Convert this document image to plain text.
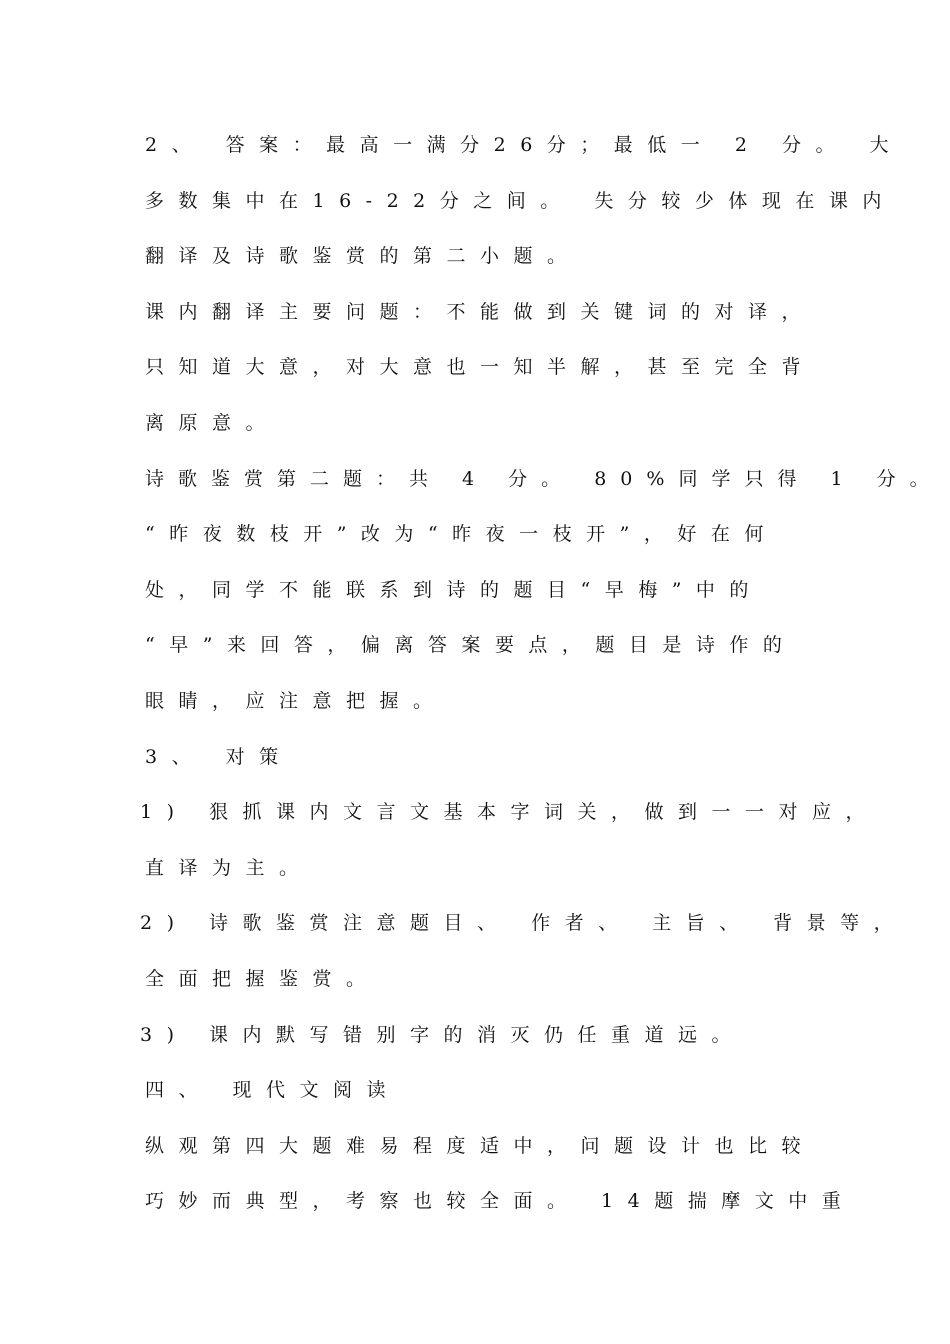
2、 答案：最高一满分26分；最低一 2 分。 大
多数集中在16-22分之间。 失分较少体现在课内
翻译及诗歌鉴赏的第二小题。
课内翻译主要问题：不能做到关键词的对译，
只知道大意，对大意也一知半解，甚至完全背
离原意。
诗歌鉴赏第二题：共 4 分。 80%同学只得 1 分。
“昨夜数枝开”改为“昨夜一枝开”，好在何
处，同学不能联系到诗的题目“早梅”中的
“早”来回答，偏离答案要点，题目是诗作的
眼睛，应注意把握。
3、 对策
1) 狠抓课内文言文基本字词关，做到一一对应，
直译为主。
2) 诗歌鉴赏注意题目、 作者、 主旨、 背景等，
全面把握鉴赏。
3) 课内默写错别字的消灭仍任重道远。
四、 现代文阅读
纵观第四大题难易程度适中，问题设计也比较
巧妙而典型，考察也较全面。 14题揣摩文中重
